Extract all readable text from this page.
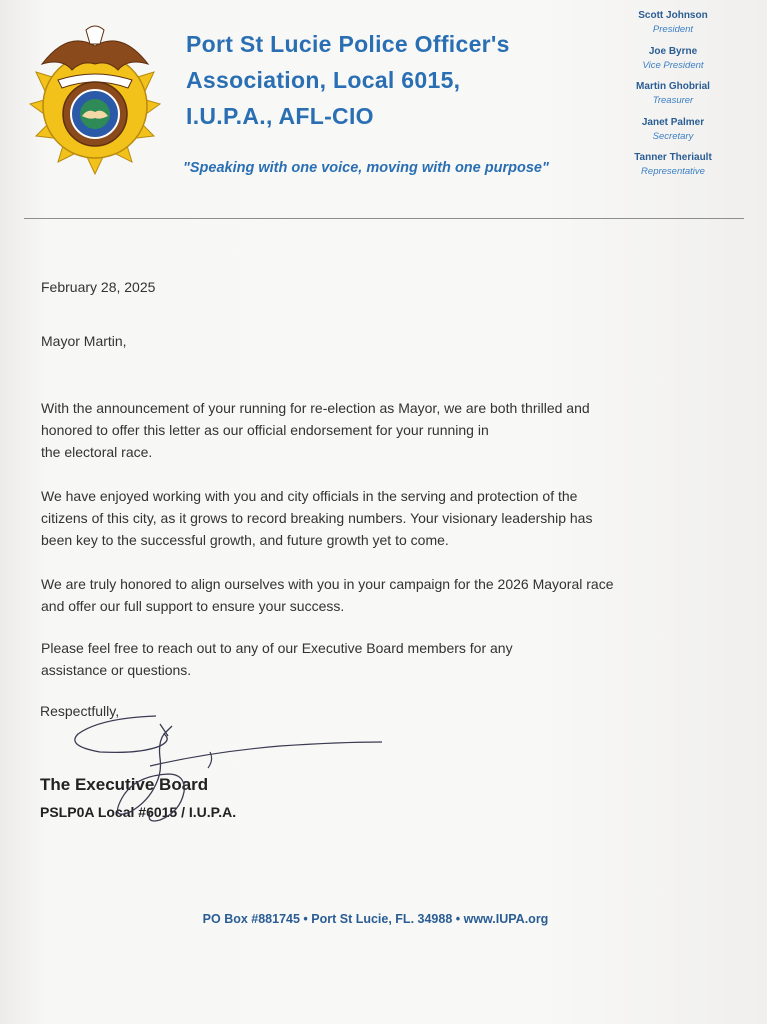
Port St Lucie Police Officer's
Association, Local 6015,
I.U.P.A., AFL-CIO
"Speaking with one voice, moving with one purpose"
Scott Johnson
President
Joe Byrne
Vice President
Martin Ghobrial
Treasurer
Janet Palmer
Secretary
Tanner Theriault
Representative
February 28, 2025
Mayor Martin,
With the announcement of your running for re-election as Mayor, we are both thrilled and
honored to offer this letter as our official endorsement for your running in
the electoral race.
We have enjoyed working with you and city officials in the serving and protection of the
citizens of this city, as it grows to record breaking numbers. Your visionary leadership has
been key to the successful growth, and future growth yet to come.
We are truly honored to align ourselves with you in your campaign for the 2026 Mayoral race
and offer our full support to ensure your success.
Please feel free to reach out to any of our Executive Board members for any
assistance or questions.
Respectfully,
The Executive Board
PSLP0A Local #6015 / I.U.P.A.
PO Box #881745 • Port St Lucie, FL. 34988 • www.IUPA.org
